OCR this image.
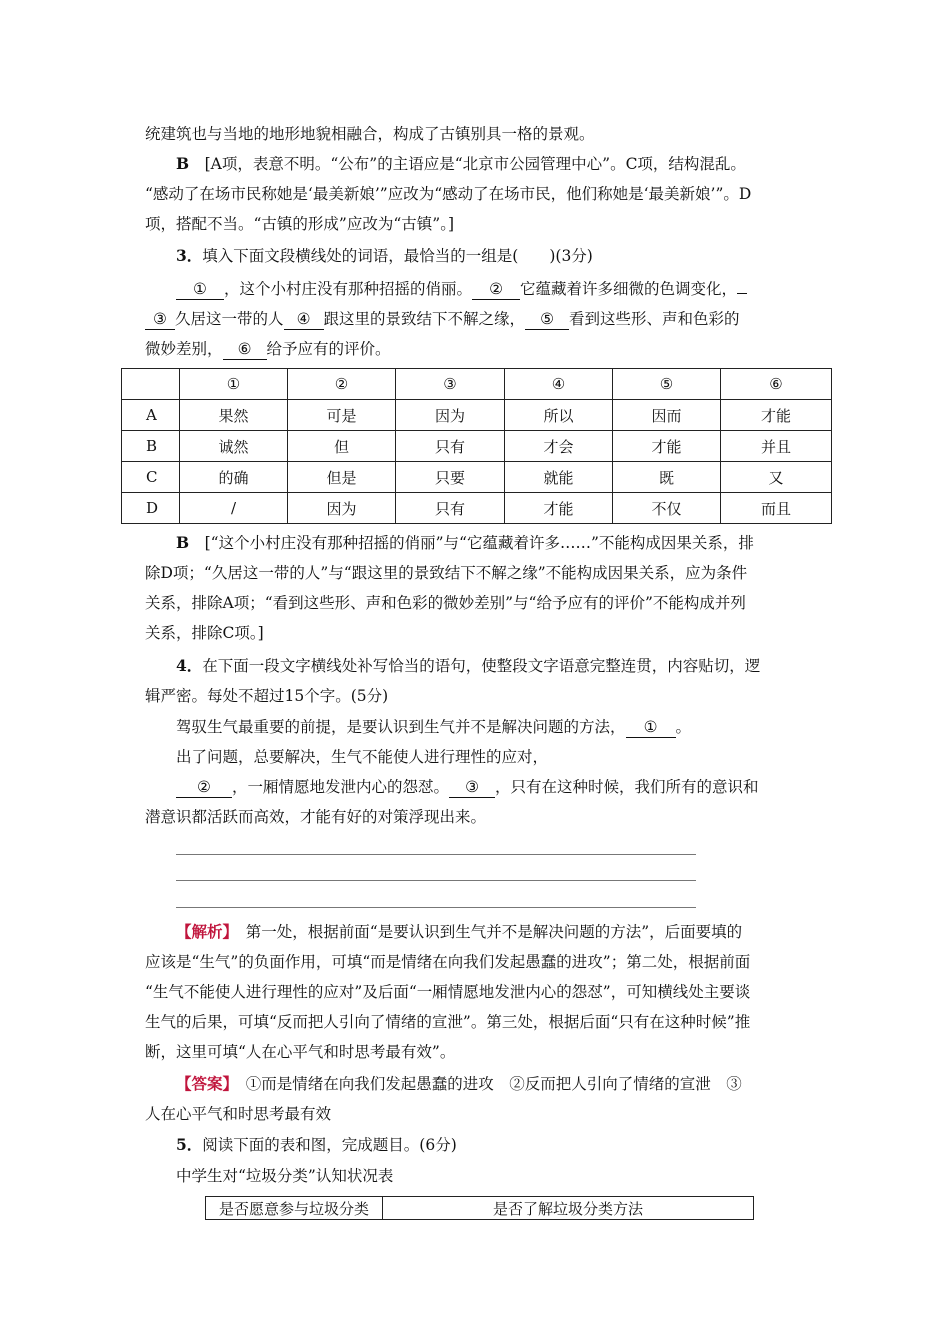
统建筑也与当地的地形地貌相融合，构成了古镇别具一格的景观。
B　 [A项，表意不明。“公布”的主语应是“北京市公园管理中心”。C项，结构混乱。
“感动了在场市民称她是‘最美新娘’”应改为“感动了在场市民，他们称她是‘最美新娘’”。D
项，搭配不当。“古镇的形成”应改为“古镇”。]
3．填入下面文段横线处的词语，最恰当的一组是(　　)(3分)
① ，这个小村庄没有那种招摇的俏丽。 ② 它蕴藏着许多细微的色调变化，
③ 久居这一带的人 ④ 跟这里的景致结下不解之缘， ⑤ 看到这些形、声和色彩的
微妙差别， ⑥ 给予应有的评价。
	①	②	③	④	⑤	⑥
A	果然	可是	因为	所以	因而	才能
B	诚然	但	只有	才会	才能	并且
C	的确	但是	只要	就能	既	又
D	/	因为	只有	才能	不仅	而且
B　 [“这个小村庄没有那种招摇的俏丽”与“它蕴藏着许多……”不能构成因果关系，排
除D项；“久居这一带的人”与“跟这里的景致结下不解之缘”不能构成因果关系，应为条件
关系，排除A项；“看到这些形、声和色彩的微妙差别”与“给予应有的评价”不能构成并列
关系，排除C项。]
4．在下面一段文字横线处补写恰当的语句，使整段文字语意完整连贯，内容贴切，逻
辑严密。每处不超过15个字。(5分)
驾驭生气最重要的前提，是要认识到生气并不是解决问题的方法， ① 。
出了问题，总要解决，生气不能使人进行理性的应对，
② ，一厢情愿地发泄内心的怨怼。 ③ ，只有在这种时候，我们所有的意识和
潜意识都活跃而高效，才能有好的对策浮现出来。
【解析】　 第一处，根据前面“是要认识到生气并不是解决问题的方法”，后面要填的
应该是“生气”的负面作用，可填“而是情绪在向我们发起愚蠢的进攻”；第二处，根据前面
“生气不能使人进行理性的应对”及后面“一厢情愿地发泄内心的怨怼”，可知横线处主要谈
生气的后果，可填“反而把人引向了情绪的宣泄”。第三处，根据后面“只有在这种时候”推
断，这里可填“人在心平气和时思考最有效”。
【答案】　 ①而是情绪在向我们发起愚蠢的进攻　②反而把人引向了情绪的宣泄　③
人在心平气和时思考最有效
5．阅读下面的表和图，完成题目。(6分)
中学生对“垃圾分类”认知状况表
是否愿意参与垃圾分类	是否了解垃圾分类方法
